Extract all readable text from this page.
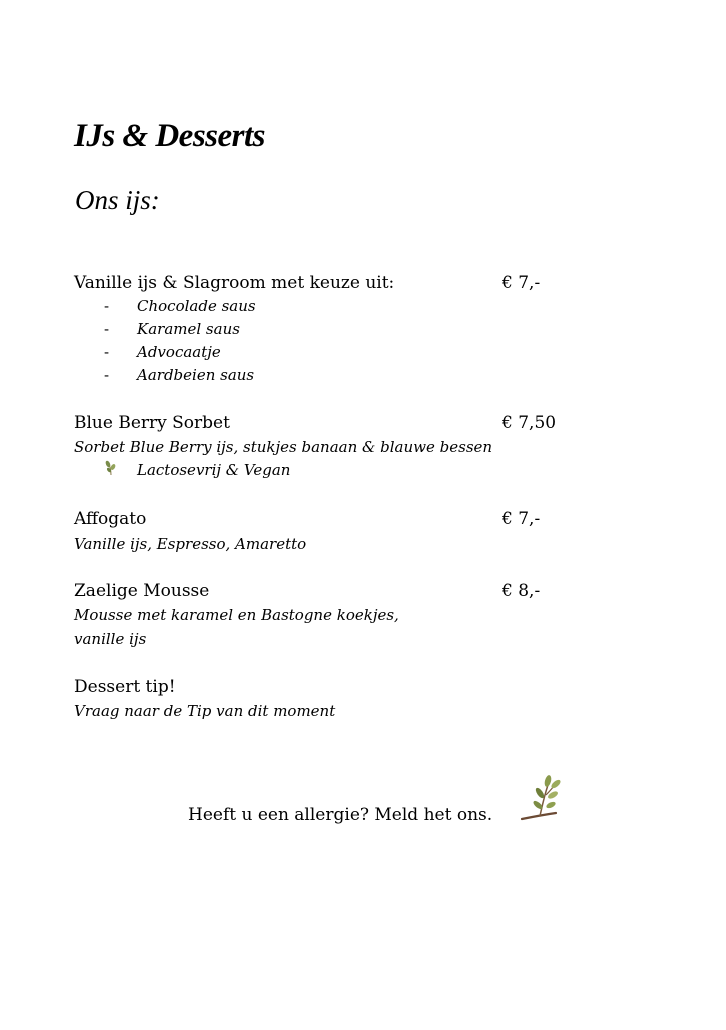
IJs & Desserts
Ons ijs:
Vanille ijs & Slagroom met keuze uit:	€ 7,-
- Chocolade saus
- Karamel saus
- Advocaatje
- Aardbeien saus
Blue Berry Sorbet	€ 7,50
Sorbet Blue Berry ijs, stukjes banaan & blauwe bessen
Lactosevrij & Vegan
Affogato	€ 7,-
Vanille ijs, Espresso, Amaretto
Zaelige Mousse	€ 8,-
Mousse met karamel en Bastogne koekjes,
vanille ijs
Dessert tip!
Vraag naar de Tip van dit moment
Heeft u een allergie? Meld het ons.
